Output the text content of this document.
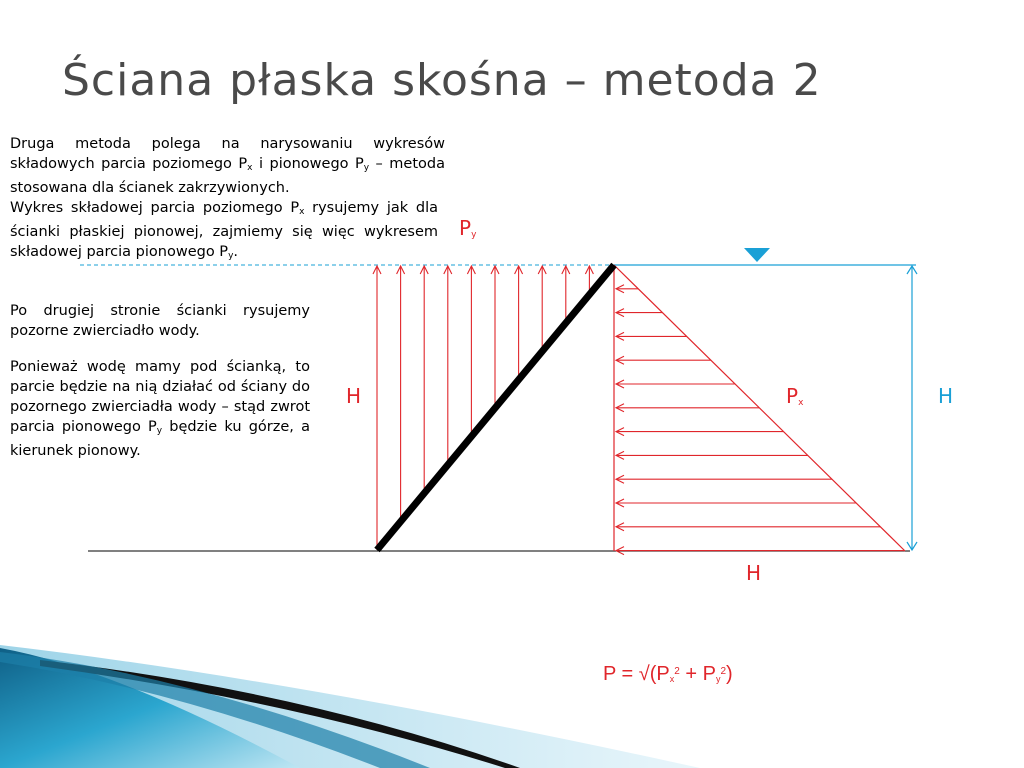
Ściana płaska skośna – metoda 2

Druga metoda polega na narysowaniu wykresów składowych parcia poziomego $P_x$ i pionowego $P_y$ – metoda stosowana dla ścianek zakrzywionych.

Wykres składowej parcia poziomego $P_x$ rysujemy jak dla ścianki płaskiej pionowej, zajmiemy się więc wykresem składowej parcia pionowego $P_y$.

Po drugiej stronie ścianki rysujemy pozorne zwierciadło wody.

Ponieważ wodę mamy pod ścianką, to parcie będzie na nią działać od ściany do pozornego zwierciadła wody – stąd zwrot parcia pionowego $P_y$ będzie ku górze, a kierunek pionowy.

$P_y$
$P_x$
H	H
H
$P = √(P_x^2 + P_y^2)$
